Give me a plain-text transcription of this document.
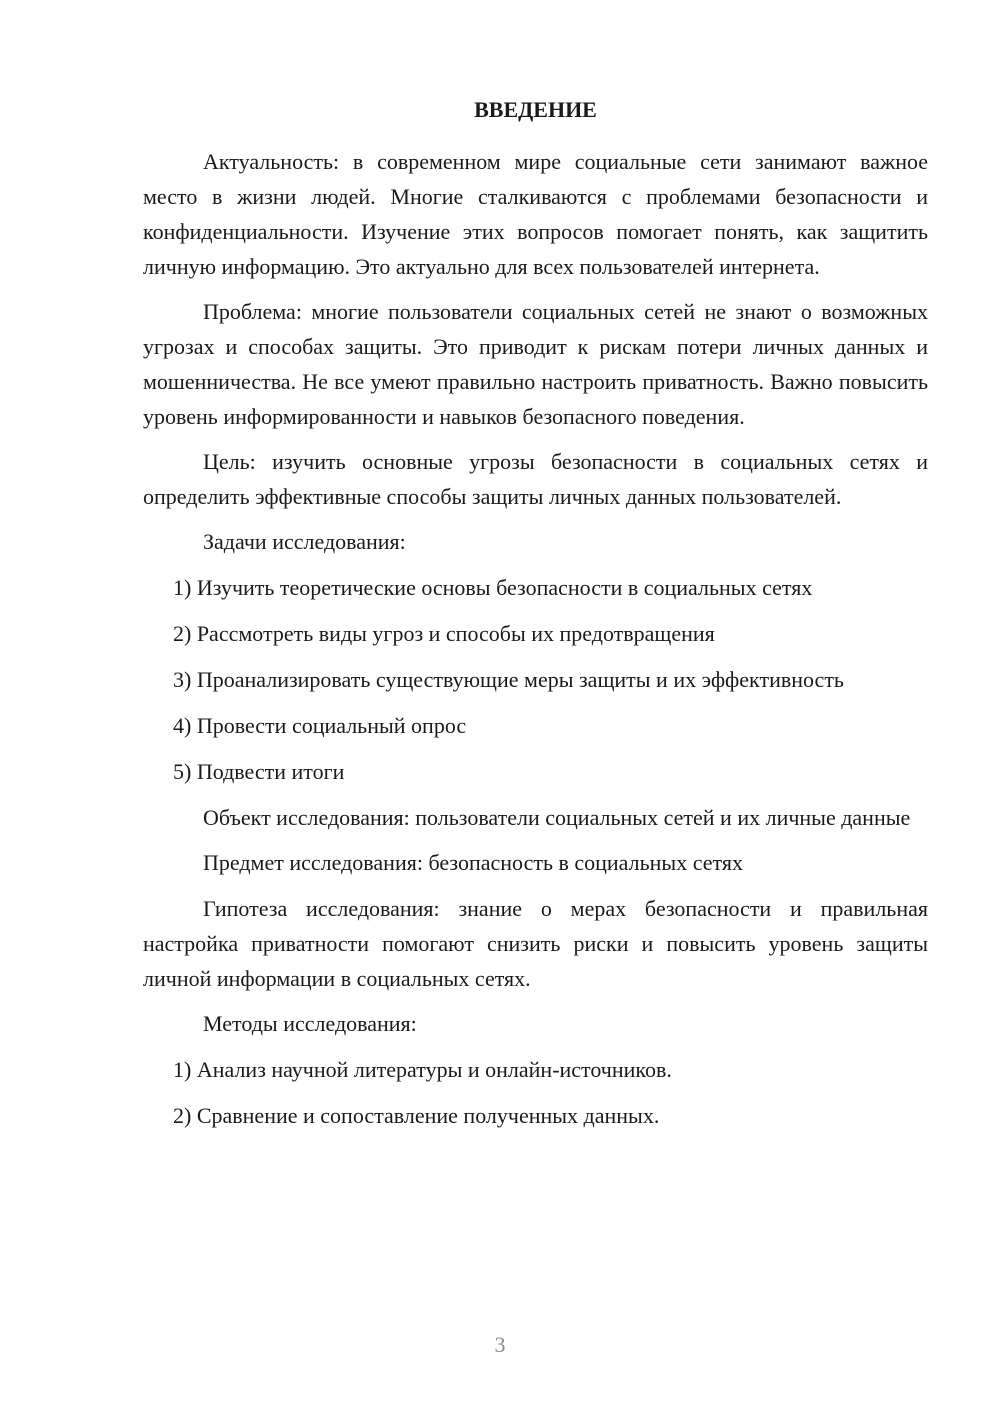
ВВЕДЕНИЕ

Актуальность: в современном мире социальные сети занимают важное место в жизни людей. Многие сталкиваются с проблемами безопасности и конфиденциальности. Изучение этих вопросов помогает понять, как защитить личную информацию. Это актуально для всех пользователей интернета.

Проблема: многие пользователи социальных сетей не знают о возможных угрозах и способах защиты. Это приводит к рискам потери личных данных и мошенничества. Не все умеют правильно настроить приватность. Важно повысить уровень информированности и навыков безопасного поведения.

Цель: изучить основные угрозы безопасности в социальных сетях и определить эффективные способы защиты личных данных пользователей.

Задачи исследования:

1) Изучить теоретические основы безопасности в социальных сетях

2) Рассмотреть виды угроз и способы их предотвращения

3) Проанализировать существующие меры защиты и их эффективность

4) Провести социальный опрос

5) Подвести итоги

Объект исследования: пользователи социальных сетей и их личные данные

Предмет исследования: безопасность в социальных сетях

Гипотеза исследования: знание о мерах безопасности и правильная настройка приватности помогают снизить риски и повысить уровень защиты личной информации в социальных сетях.

Методы исследования:

1) Анализ научной литературы и онлайн-источников.

2) Сравнение и сопоставление полученных данных.

3
